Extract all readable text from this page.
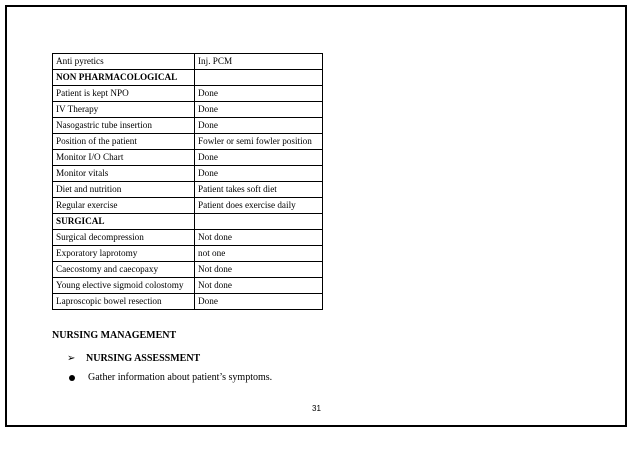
Anti pyretics	Inj. PCM
NON PHARMACOLOGICAL	
Patient is kept NPO	Done
IV Therapy	Done
Nasogastric tube insertion	Done
Position of the patient	Fowler or semi fowler position
Monitor I/O Chart	Done
Monitor vitals	Done
Diet and nutrition	Patient takes soft diet
Regular exercise	Patient does exercise daily
SURGICAL	
Surgical decompression	Not done
Exporatory laprotomy	not one
Caecostomy and caecopaxy	Not done
Young elective sigmoid colostomy	Not done
Laproscopic bowel resection	Done
NURSING MANAGEMENT
➢ NURSING ASSESSMENT
Gather information about patient’s symptoms.
31
